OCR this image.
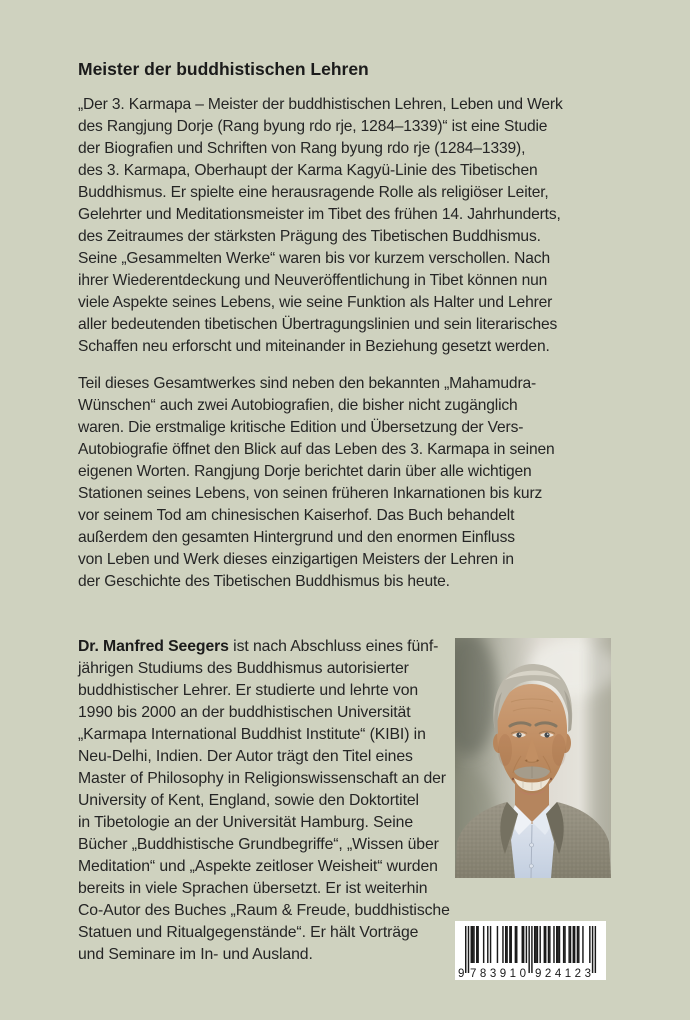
Meister der buddhistischen Lehren
„Der 3. Karmapa – Meister der buddhistischen Lehren, Leben und Werk
des Rangjung Dorje (Rang byung rdo rje, 1284–1339)“ ist eine Studie
der Biografien und Schriften von Rang byung rdo rje (1284–1339),
des 3. Karmapa, Oberhaupt der Karma Kagyü-Linie des Tibetischen
Buddhismus. Er spielte eine herausragende Rolle als religiöser Leiter,
Gelehrter und Meditationsmeister im Tibet des frühen 14. Jahrhunderts,
des Zeitraumes der stärksten Prägung des Tibetischen Buddhismus.
Seine „Gesammelten Werke“ waren bis vor kurzem verschollen. Nach
ihrer Wiederentdeckung und Neuveröffentlichung in Tibet können nun
viele Aspekte seines Lebens, wie seine Funktion als Halter und Lehrer
aller bedeutenden tibetischen Übertragungslinien und sein literarisches
Schaffen neu erforscht und miteinander in Beziehung gesetzt werden.
Teil dieses Gesamtwerkes sind neben den bekannten „Mahamudra-
Wünschen“ auch zwei Autobiografien, die bisher nicht zugänglich
waren. Die erstmalige kritische Edition und Übersetzung der Vers-
Autobiografie öffnet den Blick auf das Leben des 3. Karmapa in seinen
eigenen Worten. Rangjung Dorje berichtet darin über alle wichtigen
Stationen seines Lebens, von seinen früheren Inkarnationen bis kurz
vor seinem Tod am chinesischen Kaiserhof. Das Buch behandelt
außerdem den gesamten Hintergrund und den enormen Einfluss
von Leben und Werk dieses einzigartigen Meisters der Lehren in
der Geschichte des Tibetischen Buddhismus bis heute.
Dr. Manfred Seegers ist nach Abschluss eines fünf-
jährigen Studiums des Buddhismus autorisierter
buddhistischer Lehrer. Er studierte und lehrte von
1990 bis 2000 an der buddhistischen Universität
„Karmapa International Buddhist Institute“ (KIBI) in
Neu-Delhi, Indien. Der Autor trägt den Titel eines
Master of Philosophy in Religionswissenschaft an der
University of Kent, England, sowie den Doktortitel
in Tibetologie an der Universität Hamburg. Seine
Bücher „Buddhistische Grundbegriffe“, „Wissen über
Meditation“ und „Aspekte zeitloser Weisheit“ wurden
bereits in viele Sprachen übersetzt. Er ist weiterhin
Co-Autor des Buches „Raum & Freude, buddhistische
Statuen und Ritualgegenstände“. Er hält Vorträge
und Seminare im In- und Ausland.
9 783910 924123
